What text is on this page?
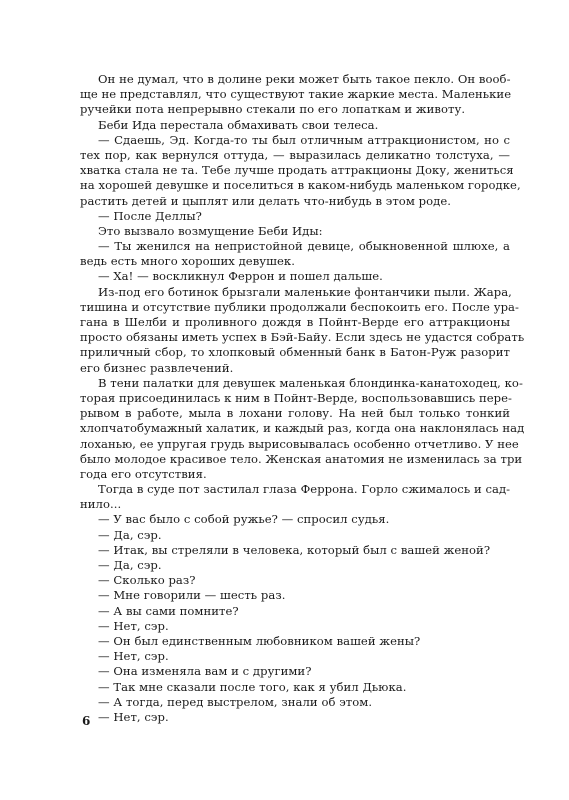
Он не думал, что в долине реки может быть такое пекло. Он вооб-
ще не представлял, что существуют такие жаркие места. Маленькие
ручейки пота непрерывно стекали по его лопаткам и животу.
Беби Ида перестала обмахивать свои телеса.
— Сдаешь, Эд. Когда-то ты был отличным аттракционистом, но с
тех пор, как вернулся оттуда, — выразилась деликатно толстуха, —
хватка стала не та. Тебе лучше продать аттракционы Доку, жениться
на хорошей девушке и поселиться в каком-нибудь маленьком городке,
растить детей и цыплят или делать что-нибудь в этом роде.
— После Деллы?
Это вызвало возмущение Беби Иды:
— Ты женился на непристойной девице, обыкновенной шлюхе, а
ведь есть много хороших девушек.
— Ха! — воскликнул Феррон и пошел дальше.
Из-под его ботинок брызгали маленькие фонтанчики пыли. Жара,
тишина и отсутствие публики продолжали беспокоить его. После ура-
гана в Шелби и проливного дождя в Пойнт-Верде его аттракционы
просто обязаны иметь успех в Бэй-Байу. Если здесь не удастся собрать
приличный сбор, то хлопковый обменный банк в Батон-Руж разорит
его бизнес развлечений.
В тени палатки для девушек маленькая блондинка-канатоходец, ко-
торая присоединилась к ним в Пойнт-Верде, воспользовавшись пере-
рывом в работе, мыла в лохани голову. На ней был только тонкий
хлопчатобумажный халатик, и каждый раз, когда она наклонялась над
лоханью, ее упругая грудь вырисовывалась особенно отчетливо. У нее
было молодое красивое тело. Женская анатомия не изменилась за три
года его отсутствия.
Тогда в суде пот застилал глаза Феррона. Горло сжималось и сад-
нило...
— У вас было с собой ружье? — спросил судья.
— Да, сэр.
— Итак, вы стреляли в человека, который был с вашей женой?
— Да, сэр.
— Сколько раз?
— Мне говорили — шесть раз.
— А вы сами помните?
— Нет, сэр.
— Он был единственным любовником вашей жены?
— Нет, сэр.
— Она изменяла вам и с другими?
— Так мне сказали после того, как я убил Дьюка.
— А тогда, перед выстрелом, знали об этом.
— Нет, сэр.
6
